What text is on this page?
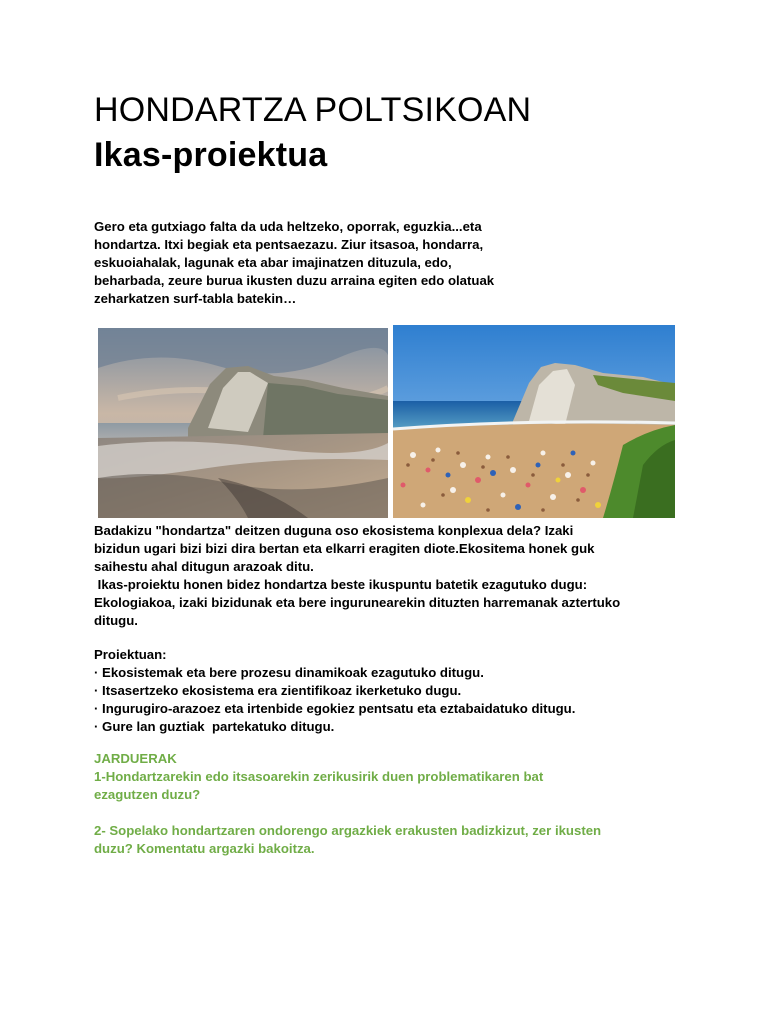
HONDARTZA POLTSIKOAN
Ikas-proiektua

Gero eta gutxiago falta da uda heltzeko, oporrak, eguzkia...eta
hondartza. Itxi begiak eta pentsaezazu. Ziur itsasoa, hondarra,
eskuoiahalak, lagunak eta abar imajinatzen dituzula, edo,
beharbada, zeure burua ikusten duzu arraina egiten edo olatuak
zeharkatzen surf-tabla batekin…

Badakizu "hondartza" deitzen duguna oso ekosistema konplexua dela? Izaki
bizidun ugari bizi bizi dira bertan eta elkarri eragiten diote.Ekositema honek guk
saihestu ahal ditugun arazoak ditu.

Ikas-proiektu honen bidez hondartza beste ikuspuntu batetik ezagutuko dugu:
Ekologiakoa, izaki bizidunak eta bere ingurunearekin dituzten harremanak aztertuko
ditugu.

Proiektuan:
· Ekosistemak eta bere prozesu dinamikoak ezagutuko ditugu.
· Itsasertzeko ekosistema era zientifikoaz ikerketuko dugu.
· Ingurugiro-arazoez eta irtenbide egokiez pentsatu eta eztabaidatuko ditugu.
· Gure lan guztiak  partekatuko ditugu.
JARDUERAK
1-Hondartzarekin edo itsasoarekin zerikusirik duen problematikaren bat
ezagutzen duzu?
2- Sopelako hondartzaren ondorengo argazkiek erakusten badizkizut, zer ikusten
duzu? Komentatu argazki bakoitza.
